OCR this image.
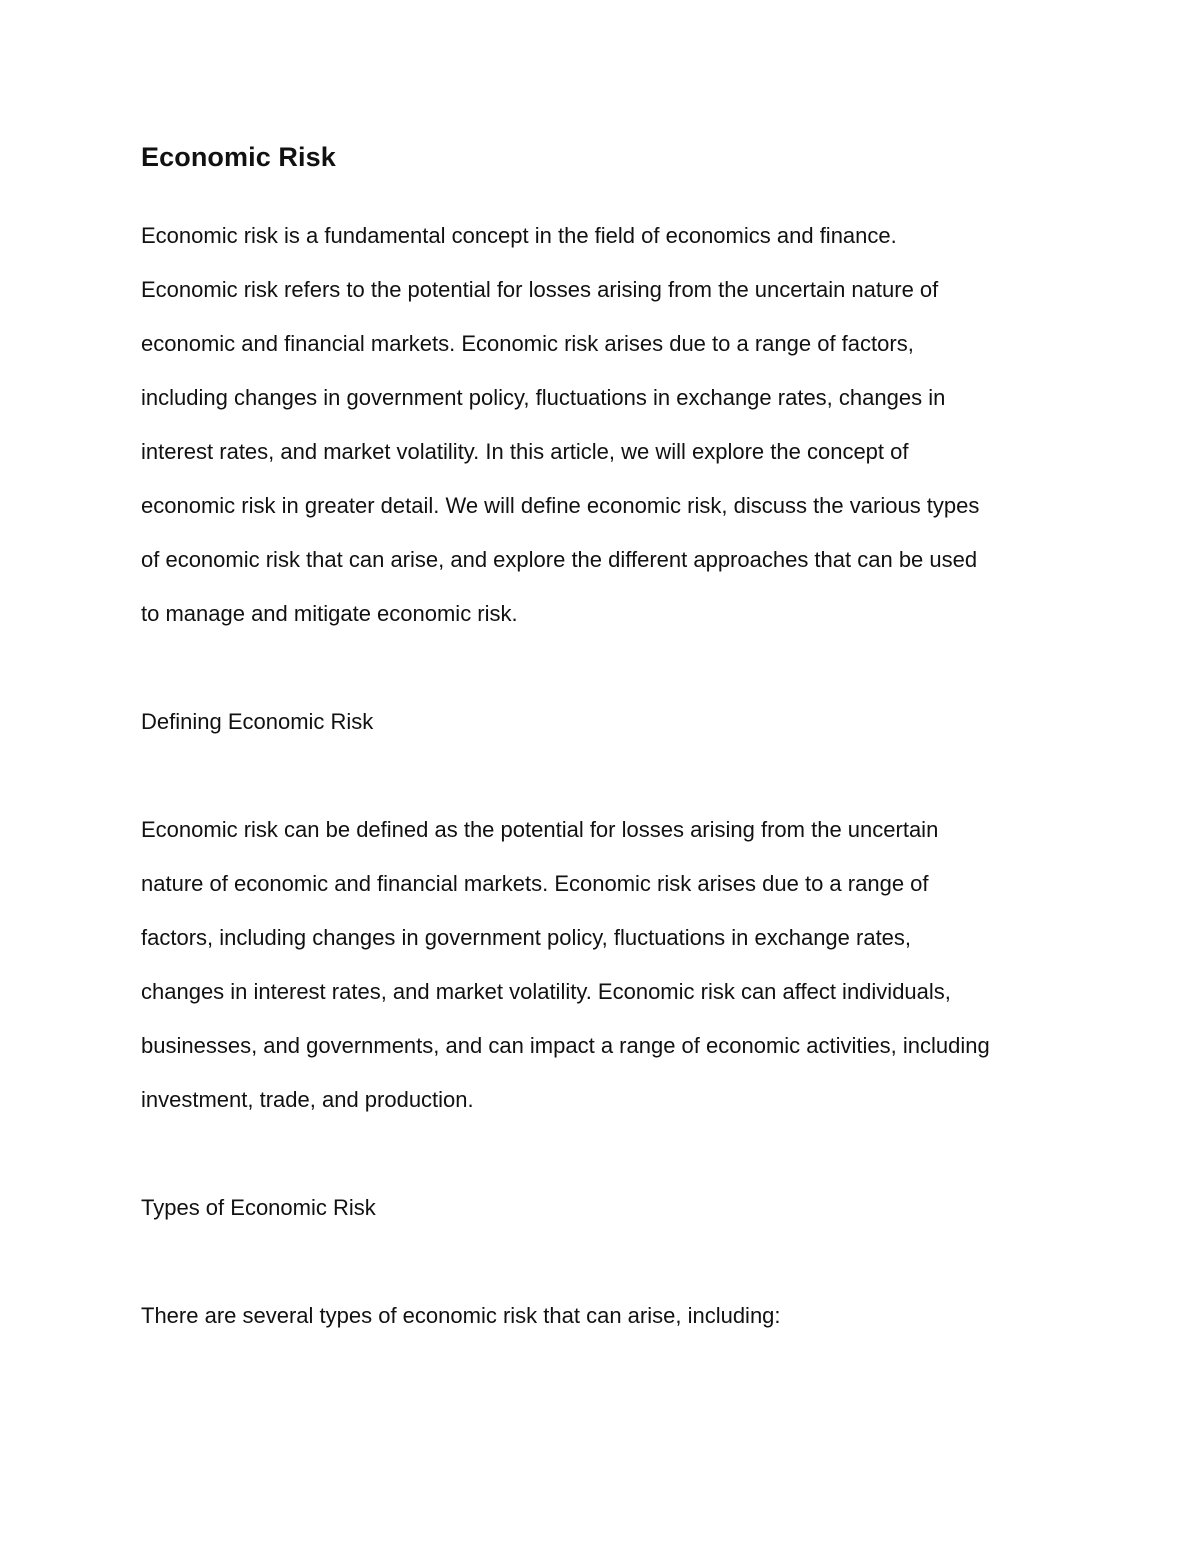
Economic Risk

Economic risk is a fundamental concept in the field of economics and finance.

Economic risk refers to the potential for losses arising from the uncertain nature of

economic and financial markets. Economic risk arises due to a range of factors,

including changes in government policy, fluctuations in exchange rates, changes in

interest rates, and market volatility. In this article, we will explore the concept of

economic risk in greater detail. We will define economic risk, discuss the various types

of economic risk that can arise, and explore the different approaches that can be used

to manage and mitigate economic risk.

Defining Economic Risk

Economic risk can be defined as the potential for losses arising from the uncertain

nature of economic and financial markets. Economic risk arises due to a range of

factors, including changes in government policy, fluctuations in exchange rates,

changes in interest rates, and market volatility. Economic risk can affect individuals,

businesses, and governments, and can impact a range of economic activities, including

investment, trade, and production.

Types of Economic Risk

There are several types of economic risk that can arise, including:
